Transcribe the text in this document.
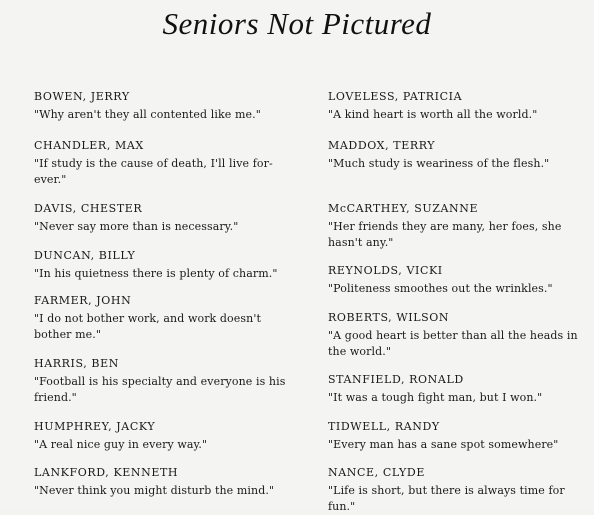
Seniors Not Pictured
BOWEN, JERRY
"Why aren't they all contented like me."
CHANDLER, MAX
"If study is the cause of death, I'll live for-ever."
DAVIS, CHESTER
"Never say more than is necessary."
DUNCAN, BILLY
"In his quietness there is plenty of charm."
FARMER, JOHN
"I do not bother work, and work doesn't bother me."
HARRIS, BEN
"Football is his specialty and everyone is his friend."
HUMPHREY, JACKY
"A real nice guy in every way."
LANKFORD, KENNETH
"Never think you might disturb the mind."
LOVELESS, PATRICIA
"A kind heart is worth all the world."
MADDOX, TERRY
"Much study is weariness of the flesh."
McCARTHEY, SUZANNE
"Her friends they are many, her foes, she hasn't any."
REYNOLDS, VICKI
"Politeness smoothes out the wrinkles."
ROBERTS, WILSON
"A good heart is better than all the heads in the world."
STANFIELD, RONALD
"It was a tough fight man, but I won."
TIDWELL, RANDY
"Every man has a sane spot somewhere"
NANCE, CLYDE
"Life is short, but there is always time for fun."
